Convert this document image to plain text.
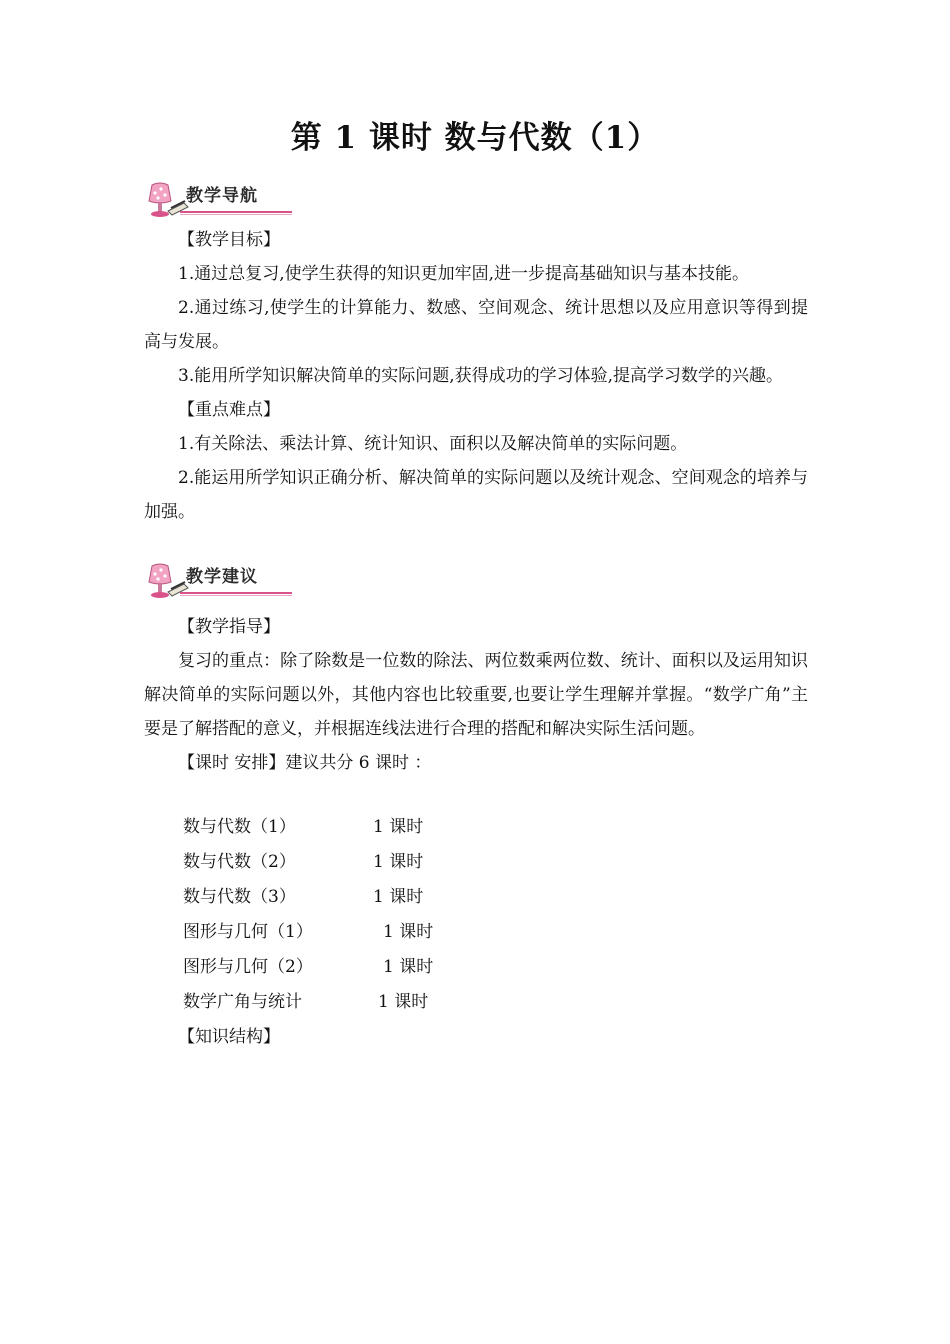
第 1 课时 数与代数（1）
教学导航

【教学目标】

1.通过总复习,使学生获得的知识更加牢固,进一步提高基础知识与基本技能。

2.通过练习,使学生的计算能力、数感、空间观念、统计思想以及应用意识等得到提高与发展。

3.能用所学知识解决简单的实际问题,获得成功的学习体验,提高学习数学的兴趣。

【重点难点】

1.有关除法、乘法计算、统计知识、面积以及解决简单的实际问题。

2.能运用所学知识正确分析、解决简单的实际问题以及统计观念、空间观念的培养与加强。

教学建议

【教学指导】

复习的重点：除了除数是一位数的除法、两位数乘两位数、统计、面积以及运用知识解决简单的实际问题以外，其他内容也比较重要,也要让学生理解并掌握。“数学广角”主要是了解搭配的意义，并根据连线法进行合理的搭配和解决实际生活问题。

【课时 安排】建议共分 6 课时 ：

数与代数（1）	1 课时
数与代数（2）	1 课时
数与代数（3）	1 课时
图形与几何（1）	1 课时
图形与几何（2）	1 课时
数学广角与统计	1 课时

【知识结构】
